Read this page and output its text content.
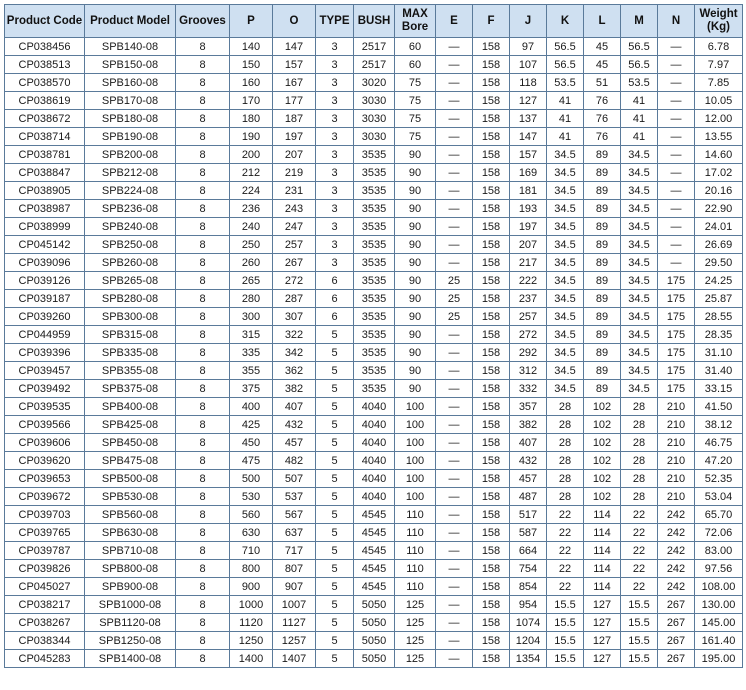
Product Code	Product Model	Grooves	P	O	TYPE	BUSH	MAX Bore	E	F	J	K	L	M	N	Weight (Kg)
CP038456	SPB140-08	8	140	147	3	2517	60	—	158	97	56.5	45	56.5	—	6.78
CP038513	SPB150-08	8	150	157	3	2517	60	—	158	107	56.5	45	56.5	—	7.97
CP038570	SPB160-08	8	160	167	3	3020	75	—	158	118	53.5	51	53.5	—	7.85
CP038619	SPB170-08	8	170	177	3	3030	75	—	158	127	41	76	41	—	10.05
CP038672	SPB180-08	8	180	187	3	3030	75	—	158	137	41	76	41	—	12.00
CP038714	SPB190-08	8	190	197	3	3030	75	—	158	147	41	76	41	—	13.55
CP038781	SPB200-08	8	200	207	3	3535	90	—	158	157	34.5	89	34.5	—	14.60
CP038847	SPB212-08	8	212	219	3	3535	90	—	158	169	34.5	89	34.5	—	17.02
CP038905	SPB224-08	8	224	231	3	3535	90	—	158	181	34.5	89	34.5	—	20.16
CP038987	SPB236-08	8	236	243	3	3535	90	—	158	193	34.5	89	34.5	—	22.90
CP038999	SPB240-08	8	240	247	3	3535	90	—	158	197	34.5	89	34.5	—	24.01
CP045142	SPB250-08	8	250	257	3	3535	90	—	158	207	34.5	89	34.5	—	26.69
CP039096	SPB260-08	8	260	267	3	3535	90	—	158	217	34.5	89	34.5	—	29.50
CP039126	SPB265-08	8	265	272	6	3535	90	25	158	222	34.5	89	34.5	175	24.25
CP039187	SPB280-08	8	280	287	6	3535	90	25	158	237	34.5	89	34.5	175	25.87
CP039260	SPB300-08	8	300	307	6	3535	90	25	158	257	34.5	89	34.5	175	28.55
CP044959	SPB315-08	8	315	322	5	3535	90	—	158	272	34.5	89	34.5	175	28.35
CP039396	SPB335-08	8	335	342	5	3535	90	—	158	292	34.5	89	34.5	175	31.10
CP039457	SPB355-08	8	355	362	5	3535	90	—	158	312	34.5	89	34.5	175	31.40
CP039492	SPB375-08	8	375	382	5	3535	90	—	158	332	34.5	89	34.5	175	33.15
CP039535	SPB400-08	8	400	407	5	4040	100	—	158	357	28	102	28	210	41.50
CP039566	SPB425-08	8	425	432	5	4040	100	—	158	382	28	102	28	210	38.12
CP039606	SPB450-08	8	450	457	5	4040	100	—	158	407	28	102	28	210	46.75
CP039620	SPB475-08	8	475	482	5	4040	100	—	158	432	28	102	28	210	47.20
CP039653	SPB500-08	8	500	507	5	4040	100	—	158	457	28	102	28	210	52.35
CP039672	SPB530-08	8	530	537	5	4040	100	—	158	487	28	102	28	210	53.04
CP039703	SPB560-08	8	560	567	5	4545	110	—	158	517	22	114	22	242	65.70
CP039765	SPB630-08	8	630	637	5	4545	110	—	158	587	22	114	22	242	72.06
CP039787	SPB710-08	8	710	717	5	4545	110	—	158	664	22	114	22	242	83.00
CP039826	SPB800-08	8	800	807	5	4545	110	—	158	754	22	114	22	242	97.56
CP045027	SPB900-08	8	900	907	5	4545	110	—	158	854	22	114	22	242	108.00
CP038217	SPB1000-08	8	1000	1007	5	5050	125	—	158	954	15.5	127	15.5	267	130.00
CP038267	SPB1120-08	8	1120	1127	5	5050	125	—	158	1074	15.5	127	15.5	267	145.00
CP038344	SPB1250-08	8	1250	1257	5	5050	125	—	158	1204	15.5	127	15.5	267	161.40
CP045283	SPB1400-08	8	1400	1407	5	5050	125	—	158	1354	15.5	127	15.5	267	195.00
